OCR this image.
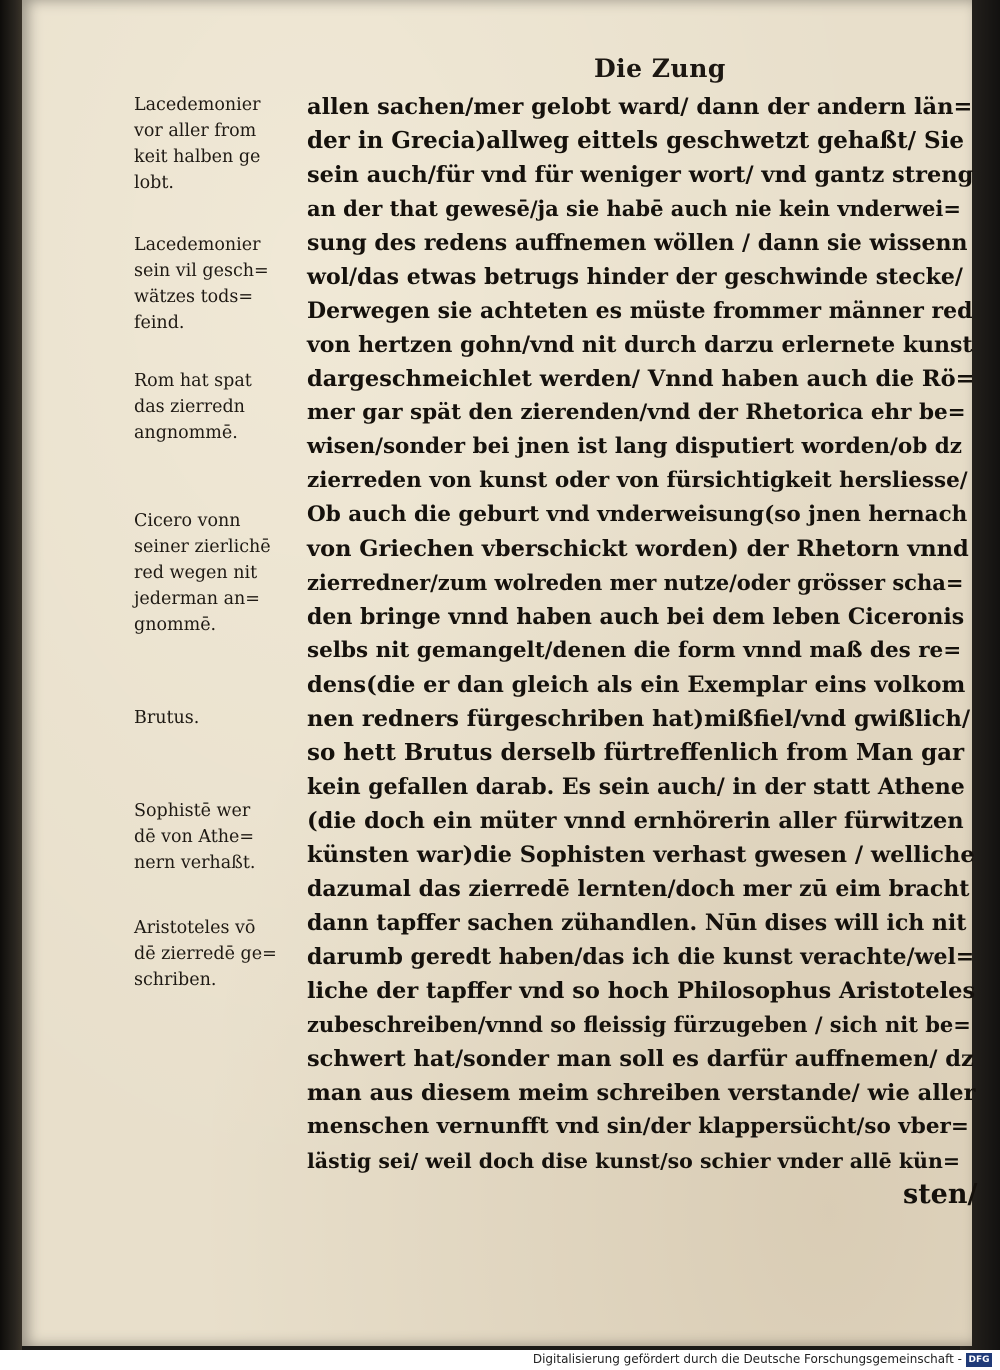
Die Zung
Lacedemonier
vor aller from
keit halben ge
lobt.
Lacedemonier
sein vil gesch=
wätzes tods=
feind.
Rom hat spat
das zierredn
angnommē.
Cicero vonn
seiner zierlichē
red wegen nit
jederman an=
gnommē.
Brutus.
Sophistē wer
dē von Athe=
nern verhaßt.
Aristoteles vō
dē zierredē ge=
schriben.
allen sachen/mer gelobt ward/ dann der andern län=
der in Grecia)allweg eittels geschwetzt gehaßt/ Sie
sein auch/für vnd für weniger wort/ vnd gantz streng
an der that gewesē/ja sie habē auch nie kein vnderwei=
sung des redens auffnemen wöllen / dann sie wissenn
wol/das etwas betrugs hinder der geschwinde stecke/
Derwegen sie achteten es müste frommer männer red
von hertzen gohn/vnd nit durch darzu erlernete kunst
dargeschmeichlet werden/ Vnnd haben auch die Rö=
mer gar spät den zierenden/vnd der Rhetorica ehr be=
wisen/sonder bei jnen ist lang disputiert worden/ob dz
zierreden von kunst oder von fürsichtigkeit hersliesse/
Ob auch die geburt vnd vnderweisung(so jnen hernach
von Griechen vberschickt worden) der Rhetorn vnnd
zierredner/zum wolreden mer nutze/oder grösser scha=
den bringe vnnd haben auch bei dem leben Ciceronis
selbs nit gemangelt/denen die form vnnd maß des re=
dens(die er dan gleich als ein Exemplar eins volkom
nen redners fürgeschriben hat)mißfiel/vnd gwißlich/
so hett Brutus derselb fürtreffenlich from Man gar
kein gefallen darab. Es sein auch/ in der statt Athene
(die doch ein müter vnnd ernhörerin aller fürwitzen
künsten war)die Sophisten verhast gwesen / welliche
dazumal das zierredē lernten/doch mer zū eim bracht
dann tapffer sachen zühandlen. Nūn dises will ich nit
darumb geredt haben/das ich die kunst verachte/wel=
liche der tapffer vnd so hoch Philosophus Aristoteles
zubeschreiben/vnnd so fleissig fürzugeben / sich nit be=
schwert hat/sonder man soll es darfür auffnemen/ dz
man aus diesem meim schreiben verstande/ wie aller
menschen vernunfft vnd sin/der klappersücht/so vber=
lästig sei/ weil doch dise kunst/so schier vnder allē kün=
sten/
Digitalisierung gefördert durch die Deutsche Forschungsgemeinschaft - DFG
